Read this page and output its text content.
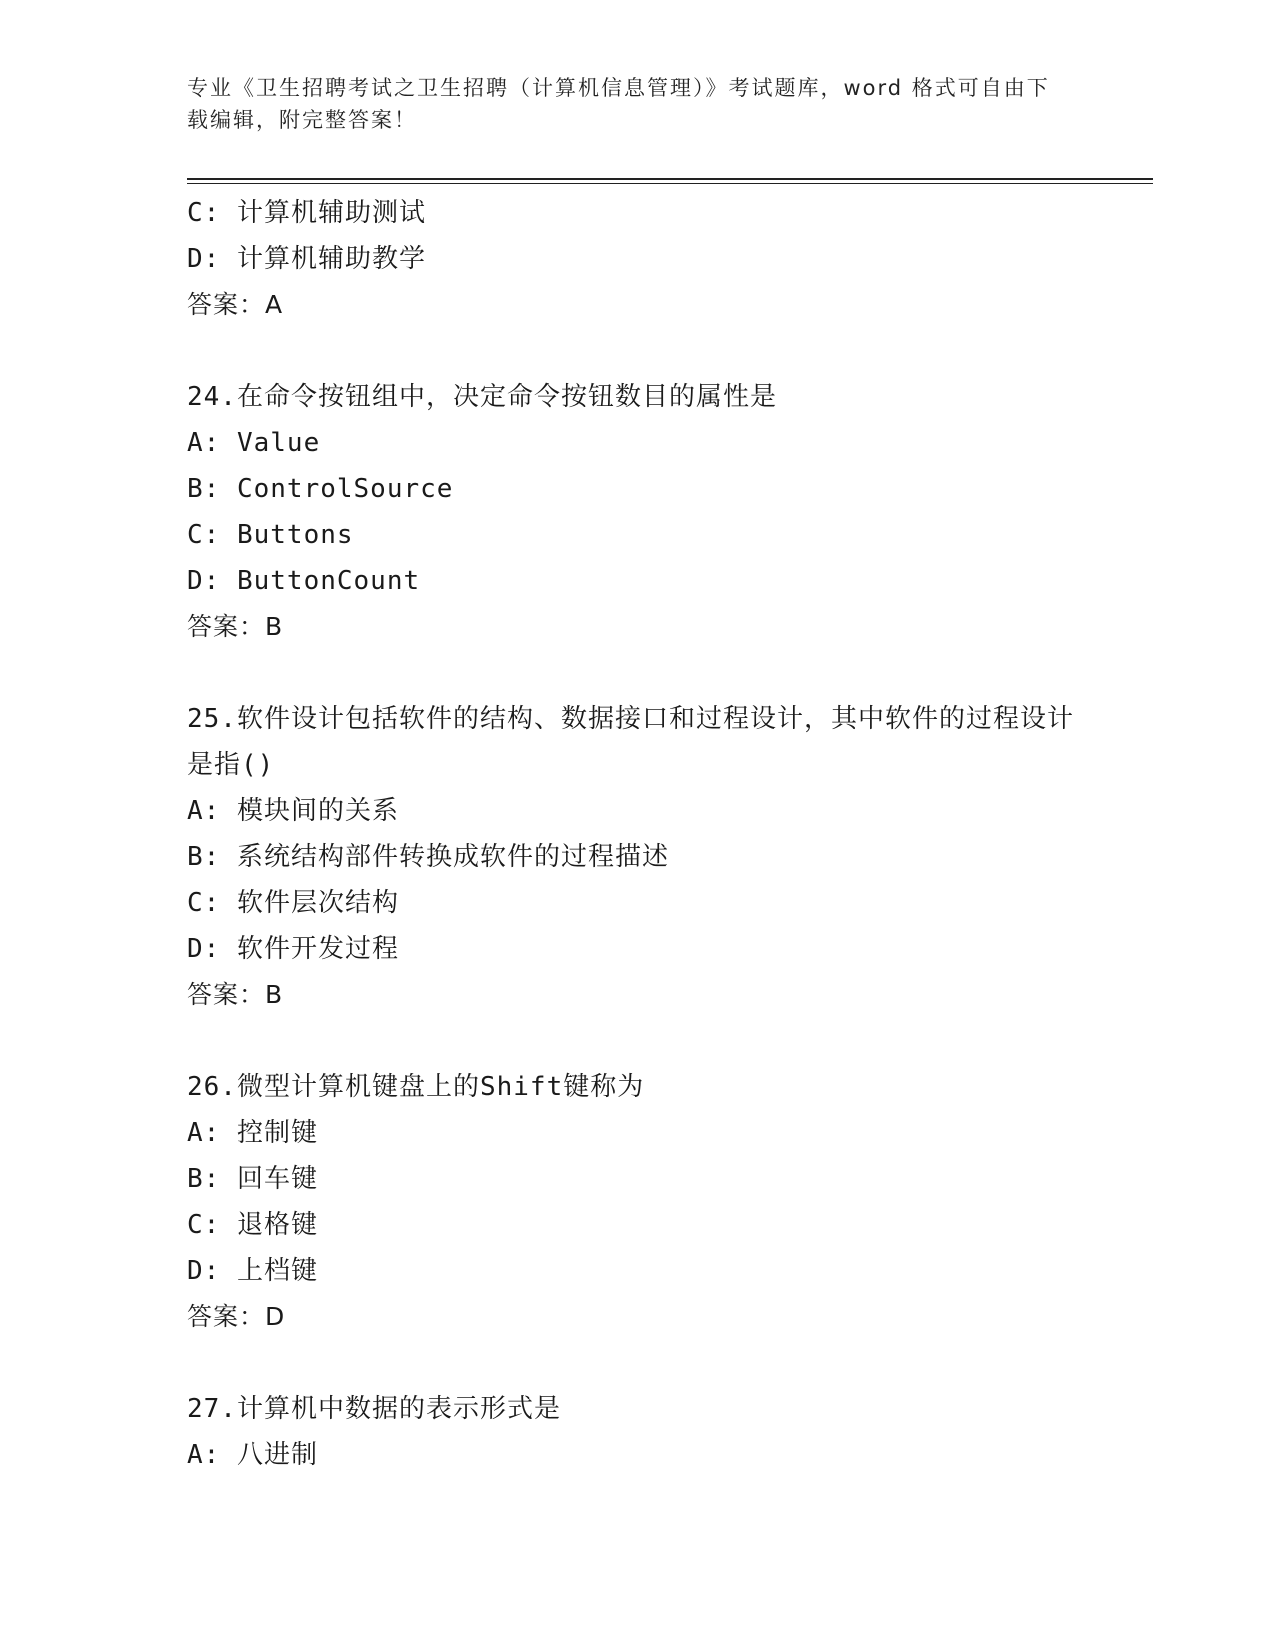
专业《卫生招聘考试之卫生招聘（计算机信息管理）》考试题库，word 格式可自由下载编辑，附完整答案！
C: 计算机辅助测试
D: 计算机辅助教学
答案：A
24.在命令按钮组中，决定命令按钮数目的属性是
A: Value
B: ControlSource
C: Buttons
D: ButtonCount
答案：B
25.软件设计包括软件的结构、数据接口和过程设计，其中软件的过程设计是指()
A: 模块间的关系
B: 系统结构部件转换成软件的过程描述
C: 软件层次结构
D: 软件开发过程
答案：B
26.微型计算机键盘上的Shift键称为
A: 控制键
B: 回车键
C: 退格键
D: 上档键
答案：D
27.计算机中数据的表示形式是
A: 八进制
